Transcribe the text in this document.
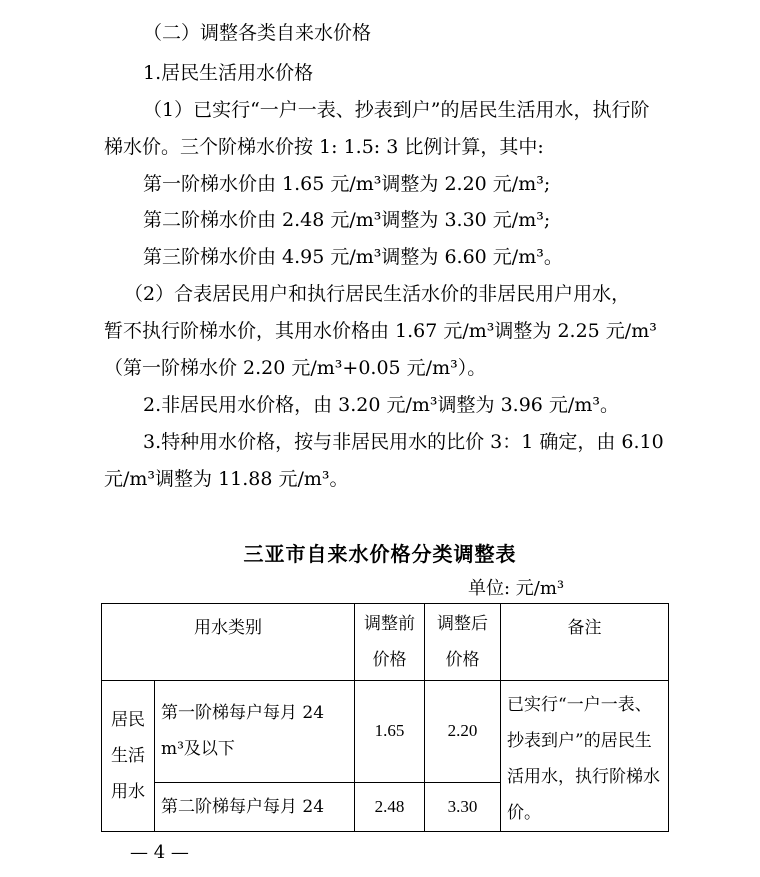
（二）调整各类自来水价格
1.居民生活用水价格
（1）已实行“一户一表、抄表到户”的居民生活用水，执行阶
梯水价。三个阶梯水价按 1: 1.5: 3 比例计算，其中:
第一阶梯水价由 1.65 元/m³调整为 2.20 元/m³;
第二阶梯水价由 2.48 元/m³调整为 3.30 元/m³;
第三阶梯水价由 4.95 元/m³调整为 6.60 元/m³。
（2）合表居民用户和执行居民生活水价的非居民用户用水，
暂不执行阶梯水价，其用水价格由 1.67 元/m³调整为 2.25 元/m³
（第一阶梯水价 2.20 元/m³+0.05 元/m³）。
2.非居民用水价格，由 3.20 元/m³调整为 3.96 元/m³。
3.特种用水价格，按与非居民用水的比价 3：1 确定，由 6.10
元/m³调整为 11.88 元/m³。
三亚市自来水价格分类调整表
单位: 元/m³
用水类别		调整前价格	调整后价格	备注
居民生活用水	第一阶梯每户每月 24 m³及以下	1.65	2.20	已实行“一户一表、抄表到户”的居民生活用水，执行阶梯水价。
	第二阶梯每户每月 24	2.48	3.30	
— 4 —
